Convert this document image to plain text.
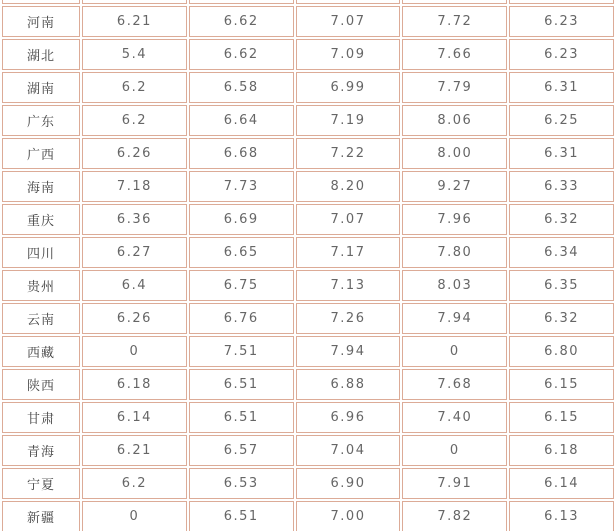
河南	6.21	6.62	7.07	7.72	6.23
湖北	5.4	6.62	7.09	7.66	6.23
湖南	6.2	6.58	6.99	7.79	6.31
广东	6.2	6.64	7.19	8.06	6.25
广西	6.26	6.68	7.22	8.00	6.31
海南	7.18	7.73	8.20	9.27	6.33
重庆	6.36	6.69	7.07	7.96	6.32
四川	6.27	6.65	7.17	7.80	6.34
贵州	6.4	6.75	7.13	8.03	6.35
云南	6.26	6.76	7.26	7.94	6.32
西藏	0	7.51	7.94	0	6.80
陕西	6.18	6.51	6.88	7.68	6.15
甘肃	6.14	6.51	6.96	7.40	6.15
青海	6.21	6.57	7.04	0	6.18
宁夏	6.2	6.53	6.90	7.91	6.14
新疆	0	6.51	7.00	7.82	6.13
